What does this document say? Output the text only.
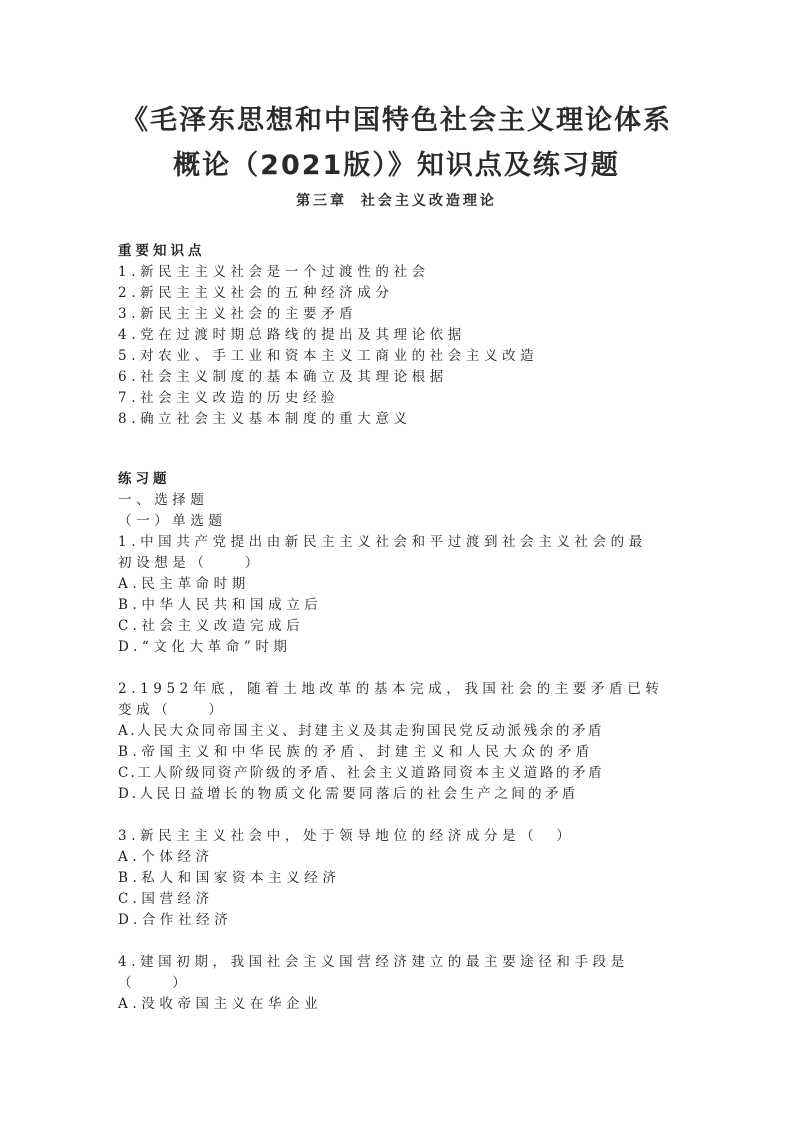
《毛泽东思想和中国特色社会主义理论体系
概论（2021版）》知识点及练习题
第三章 社会主义改造理论
重要知识点
1.新民主主义社会是一个过渡性的社会
2.新民主主义社会的五种经济成分
3.新民主主义社会的主要矛盾
4.党在过渡时期总路线的提出及其理论依据
5.对农业、手工业和资本主义工商业的社会主义改造
6.社会主义制度的基本确立及其理论根据
7.社会主义改造的历史经验
8.确立社会主义基本制度的重大意义
练习题
一、选择题
（一）单选题
1.中国共产党提出由新民主主义社会和平过渡到社会主义社会的最
初设想是（　　）
A.民主革命时期
B.中华人民共和国成立后
C.社会主义改造完成后
D.“文化大革命”时期
2.1952年底，随着土地改革的基本完成，我国社会的主要矛盾已转
变成（　　）
A.人民大众同帝国主义、封建主义及其走狗国民党反动派残余的矛盾
B.帝国主义和中华民族的矛盾、封建主义和人民大众的矛盾
C.工人阶级同资产阶级的矛盾、社会主义道路同资本主义道路的矛盾
D.人民日益增长的物质文化需要同落后的社会生产之间的矛盾
3.新民主主义社会中，处于领导地位的经济成分是（　）
A.个体经济
B.私人和国家资本主义经济
C.国营经济
D.合作社经济
4.建国初期，我国社会主义国营经济建立的最主要途径和手段是
（　　）
A.没收帝国主义在华企业
